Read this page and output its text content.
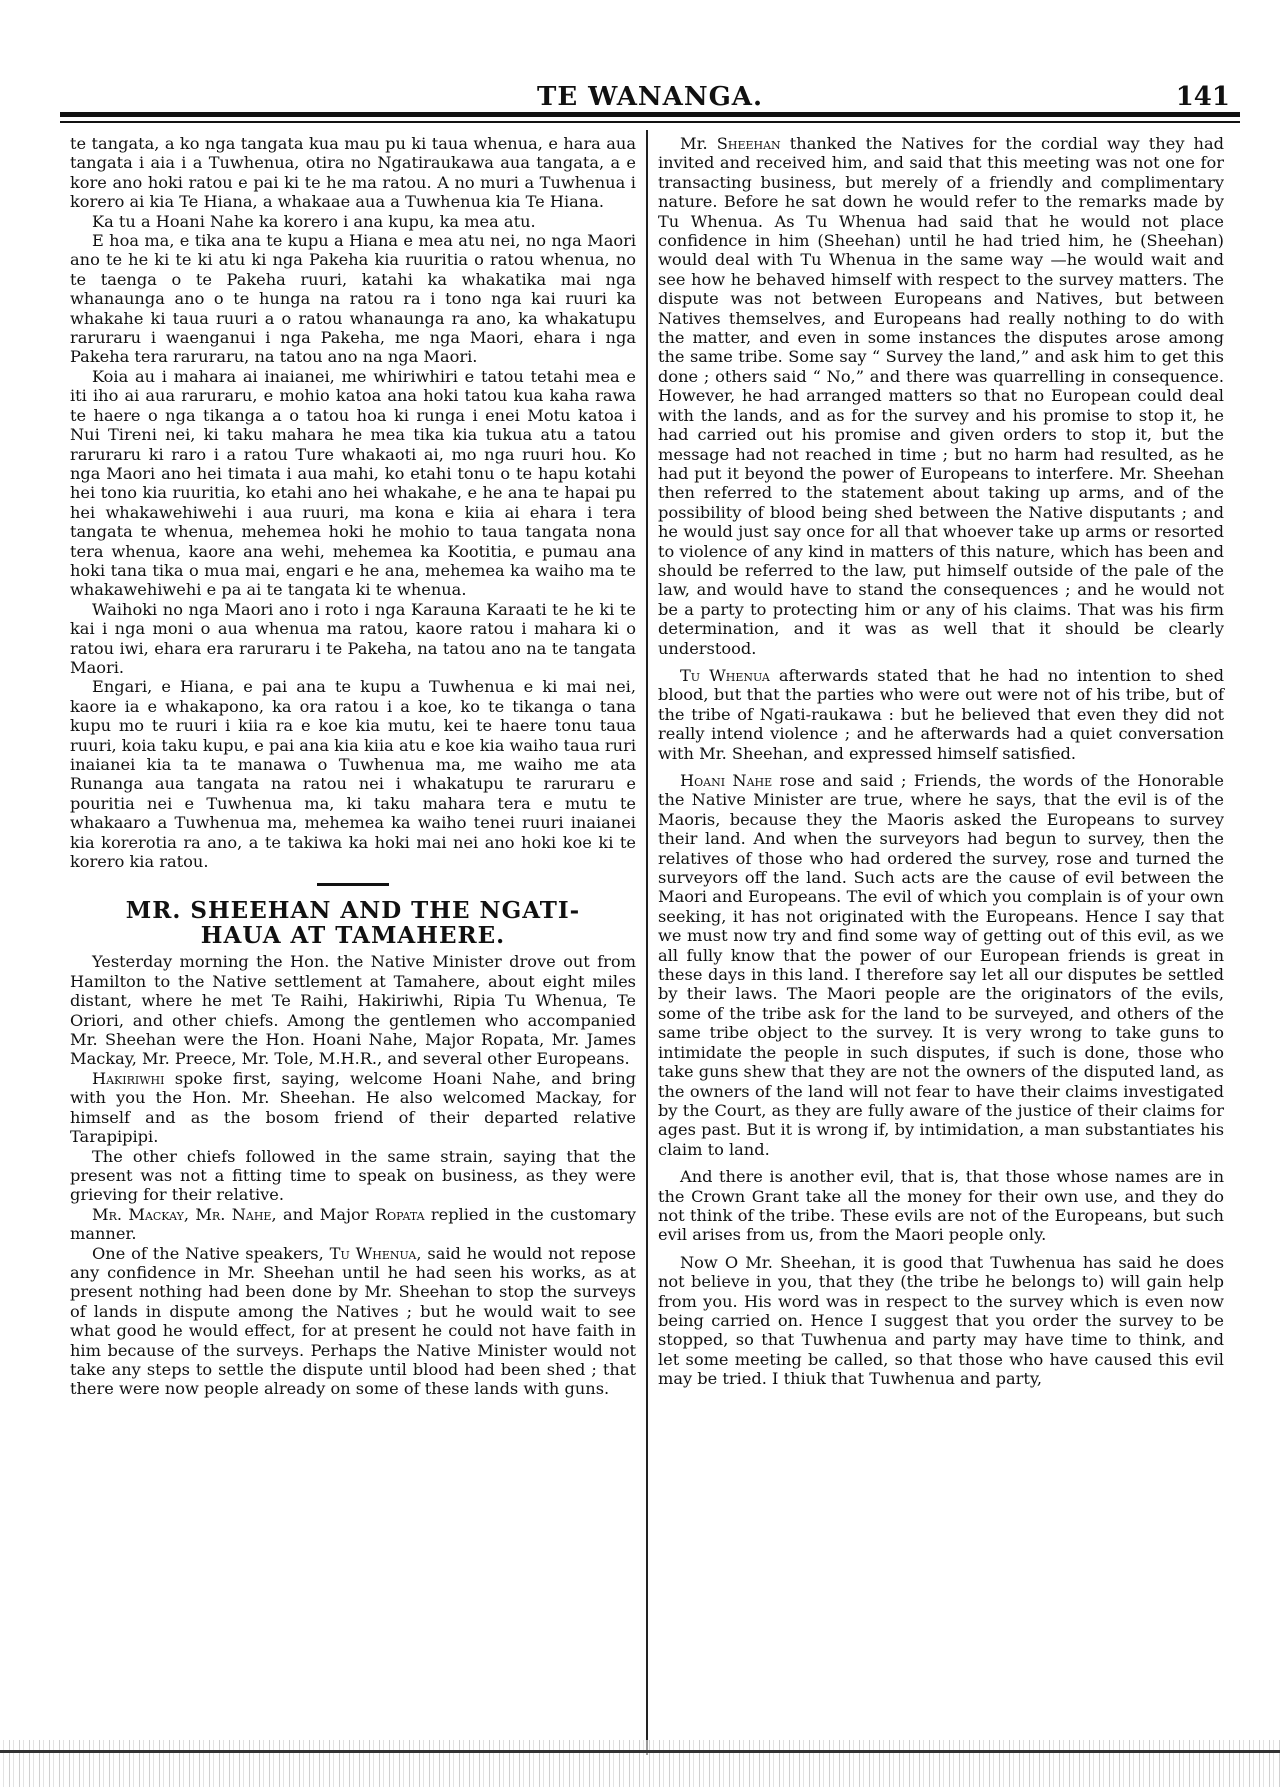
TE WANANGA.	141

te tangata, a ko nga tangata kua mau pu ki taua whenua, e hara aua tangata i aia i a Tuwhenua, otira no Ngatiraukawa aua tangata, a e kore ano hoki ratou e pai ki te he ma ratou. A no muri a Tuwhenua i korero ai kia Te Hiana, a whakaae aua a Tuwhenua kia Te Hiana.

Ka tu a Hoani Nahe ka korero i ana kupu, ka mea atu.

E hoa ma, e tika ana te kupu a Hiana e mea atu nei, no nga Maori ano te he ki te ki atu ki nga Pakeha kia ruuritia o ratou whenua, no te taenga o te Pakeha ruuri, katahi ka whakatika mai nga whanaunga ano o te hunga na ratou ra i tono nga kai ruuri ka whakahe ki taua ruuri a o ratou whanaunga ra ano, ka whakatupu raruraru i waenganui i nga Pakeha, me nga Maori, ehara i nga Pakeha tera raruraru, na tatou ano na nga Maori.

Koia au i mahara ai inaianei, me whiriwhiri e tatou tetahi mea e iti iho ai aua raruraru, e mohio katoa ana hoki tatou kua kaha rawa te haere o nga tikanga a o tatou hoa ki runga i enei Motu katoa i Nui Tireni nei, ki taku mahara he mea tika kia tukua atu a tatou raruraru ki raro i a ratou Ture whakaoti ai, mo nga ruuri hou. Ko nga Maori ano hei timata i aua mahi, ko etahi tonu o te hapu kotahi hei tono kia ruuritia, ko etahi ano hei whakahe, e he ana te hapai pu hei whakawehiwehi i aua ruuri, ma kona e kiia ai ehara i tera tangata te whenua, mehemea hoki he mohio to taua tangata nona tera whenua, kaore ana wehi, mehemea ka Kootitia, e pumau ana hoki tana tika o mua mai, engari e he ana, mehemea ka waiho ma te whakawehiwehi e pa ai te tangata ki te whenua.

Waihoki no nga Maori ano i roto i nga Karauna Karaati te he ki te kai i nga moni o aua whenua ma ratou, kaore ratou i mahara ki o ratou iwi, ehara era raruraru i te Pakeha, na tatou ano na te tangata Maori.

Engari, e Hiana, e pai ana te kupu a Tuwhenua e ki mai nei, kaore ia e whakapono, ka ora ratou i a koe, ko te tikanga o tana kupu mo te ruuri i kiia ra e koe kia mutu, kei te haere tonu taua ruuri, koia taku kupu, e pai ana kia kiia atu e koe kia waiho taua ruri inaianei kia ta te manawa o Tuwhenua ma, me waiho me ata Runanga aua tangata na ratou nei i whakatupu te raruraru e pouritia nei e Tuwhenua ma, ki taku mahara tera e mutu te whakaaro a Tuwhenua ma, mehemea ka waiho tenei ruuri inaianei kia korerotia ra ano, a te takiwa ka hoki mai nei ano hoki koe ki te korero kia ratou.

MR. SHEEHAN AND THE NGATI-
HAUA AT TAMAHERE.

Yesterday morning the Hon. the Native Minister drove out from Hamilton to the Native settlement at Tamahere, about eight miles distant, where he met Te Raihi, Hakiriwhi, Ripia Tu Whenua, Te Oriori, and other chiefs. Among the gentlemen who accompanied Mr. Sheehan were the Hon. Hoani Nahe, Major Ropata, Mr. James Mackay, Mr. Preece, Mr. Tole, M.H.R., and several other Europeans.

Hakiriwhi spoke first, saying, welcome Hoani Nahe, and bring with you the Hon. Mr. Sheehan. He also welcomed Mackay, for himself and as the bosom friend of their departed relative Tarapipipi.

The other chiefs followed in the same strain, saying that the present was not a fitting time to speak on business, as they were grieving for their relative.

Mr. Mackay, Mr. Nahe, and Major Ropata replied in the customary manner.

One of the Native speakers, Tu Whenua, said he would not repose any confidence in Mr. Sheehan until he had seen his works, as at present nothing had been done by Mr. Sheehan to stop the surveys of lands in dispute among the Natives ; but he would wait to see what good he would effect, for at present he could not have faith in him because of the surveys. Perhaps the Native Minister would not take any steps to settle the dispute until blood had been shed ; that there were now people already on some of these lands with guns.

Mr. Sheehan thanked the Natives for the cordial way they had invited and received him, and said that this meeting was not one for transacting business, but merely of a friendly and complimentary nature. Before he sat down he would refer to the remarks made by Tu Whenua. As Tu Whenua had said that he would not place confidence in him (Sheehan) until he had tried him, he (Sheehan) would deal with Tu Whenua in the same way —he would wait and see how he behaved himself with respect to the survey matters. The dispute was not between Europeans and Natives, but between Natives themselves, and Europeans had really nothing to do with the matter, and even in some instances the disputes arose among the same tribe. Some say “ Survey the land,” and ask him to get this done ; others said “ No,” and there was quarrelling in consequence. However, he had arranged matters so that no European could deal with the lands, and as for the survey and his promise to stop it, he had carried out his promise and given orders to stop it, but the message had not reached in time ; but no harm had resulted, as he had put it beyond the power of Europeans to interfere. Mr. Sheehan then referred to the statement about taking up arms, and of the possibility of blood being shed between the Native disputants ; and he would just say once for all that whoever take up arms or resorted to violence of any kind in matters of this nature, which has been and should be referred to the law, put himself outside of the pale of the law, and would have to stand the consequences ; and he would not be a party to protecting him or any of his claims. That was his firm determination, and it was as well that it should be clearly understood.

Tu Whenua afterwards stated that he had no intention to shed blood, but that the parties who were out were not of his tribe, but of the tribe of Ngati-raukawa : but he believed that even they did not really intend violence ; and he afterwards had a quiet conversation with Mr. Sheehan, and expressed himself satisfied.

Hoani Nahe rose and said ; Friends, the words of the Honorable the Native Minister are true, where he says, that the evil is of the Maoris, because they the Maoris asked the Europeans to survey their land. And when the surveyors had begun to survey, then the relatives of those who had ordered the survey, rose and turned the surveyors off the land. Such acts are the cause of evil between the Maori and Europeans. The evil of which you complain is of your own seeking, it has not originated with the Europeans. Hence I say that we must now try and find some way of getting out of this evil, as we all fully know that the power of our European friends is great in these days in this land. I therefore say let all our disputes be settled by their laws. The Maori people are the originators of the evils, some of the tribe ask for the land to be surveyed, and others of the same tribe object to the survey. It is very wrong to take guns to intimidate the people in such disputes, if such is done, those who take guns shew that they are not the owners of the disputed land, as the owners of the land will not fear to have their claims investigated by the Court, as they are fully aware of the justice of their claims for ages past. But it is wrong if, by intimidation, a man substantiates his claim to land.

And there is another evil, that is, that those whose names are in the Crown Grant take all the money for their own use, and they do not think of the tribe. These evils are not of the Europeans, but such evil arises from us, from the Maori people only.

Now O Mr. Sheehan, it is good that Tuwhenua has said he does not believe in you, that they (the tribe he belongs to) will gain help from you. His word was in respect to the survey which is even now being carried on. Hence I suggest that you order the survey to be stopped, so that Tuwhenua and party may have time to think, and let some meeting be called, so that those who have caused this evil may be tried. I thiuk that Tuwhenua and party,
